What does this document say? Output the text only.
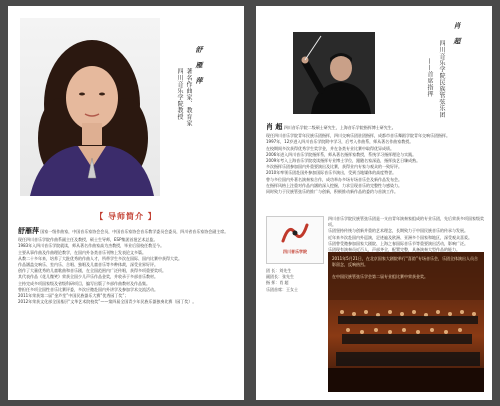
舒 雁 萍
著名作曲家、教育家
四川音乐学院教授
【 导师简介 】
舒雁萍 国家一级作曲家，中国音乐家协会会员，中国音乐家协会音乐教学委员会委员，四川省音乐家协会副主席。
现任四川音乐学院作曲系副主任及教授，硕士生导师，ESP集团首批艺术总监。
1983年入四川音乐学院就读，师从著名作曲家高为杰教授，毕业后留校任教至今。
主要从事作曲及作曲理论教学，在国内外各类音乐刊物上发表论文多篇。
从教二十多年来，培养了大批优秀的作曲人才，所带学生多次在国际、国内比赛中获得大奖。
作品涵盖交响乐、室内乐、合唱、独唱及儿童音乐等多种体裁，深受业界好评。
创作了大量优秀的儿童歌曲和音乐剧，在全国范围内广泛传唱，获得多项重要奖项。
其代表作品《花儿微笑》荣获全国少儿声乐作品金奖，并收录于多部音乐教材。
主持完成多项国家级及省级科研项目，编写出版了多部作曲教材及作品集。
曾担任多项全国性音乐比赛评委，多次应邀赴国内外讲学及参加学术交流活动。
2011年荣获第二届“金芦笙”中国民族器乐大赛“优秀园丁奖”；
2012年荣获文化部全国基层“文华艺术院校奖”——第四届全国青少年民族乐器独奏比赛（园丁奖）。
肖 超
四川音乐学院民族管弦乐团
——首席指挥
肖 超 四川音乐学院二级硕士研究生，上海音乐学院指挥博士研究生。
现任四川音乐学院青年民族乐团指挥，四川交响乐团驻团指挥，成都市音乐舞蹈学院青年交响乐团指挥。
1997年，12岁进入四川音乐学院附中学习，后考入作曲系，师从著名作曲家教授。
在校期间多次获得优秀学生奖学金，并在各类专业比赛中取得优异成绩。
2006年进入四川音乐学院指挥系，师从著名指挥家教授，系统学习指挥理论与实践。
2009年考入上海音乐学院攻读指挥专业博士学位，跟随名家深造，指挥技艺日臻成熟。
多次指挥乐团参加国内外重要演出及比赛，获得业内专家与观众的一致好评。
2010年率领乐团赴国外参加国际音乐节演出，受到当地媒体的高度赞誉。
曾与多位国内外著名演奏家合作，成功举办多场专场音乐会及新作品发布会。
在指挥风格上注重对作品内涵的深入挖掘，力求呈现音乐的完整性与感染力。
同时致力于民族管弦乐的推广与创新，积极推动新作品的委约与首演工作。
四川音乐学院
四川音乐学院民族管弦乐团是一支由青年演奏家组成的专业乐团，先后荣获多项国家级奖项。
乐团坚持传统与创新并重的艺术理念，长期致力于中国民族音乐的传承与发展。
近年来多次赴国内外巡演，足迹遍及欧洲、亚洲多个国家和地区，深受观众喜爱。
乐团曾受邀参加国家大剧院、上海之春国际音乐节等重要演出活动，影响广泛。
乐团现有演奏员近百人，声部齐全，配置完整，具备演奏大型作品的能力。
团 长：刘先生
副团长：张先生
指 挥：肖 超
乐团首席：王女士
2011年5月21日，在北京国家大剧院举行“喜韵”专场音乐会，乐团全体演出人员合影留念，反响热烈。
在中国民族管弦乐学会第二届专业组比赛中荣获金奖。
